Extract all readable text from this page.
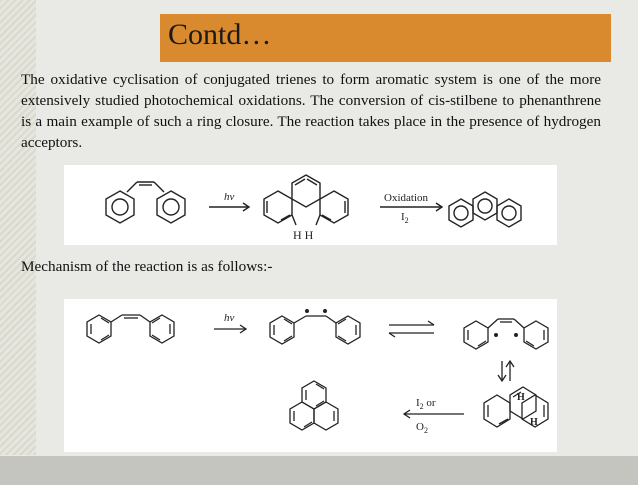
Contd…

The oxidative cyclisation of conjugated trienes to form aromatic system is one of the more extensively studied photochemical oxidations. The conversion of cis-stilbene to phenanthrene is a main example of such a ring closure. The reaction takes place in the presence of hydrogen acceptors.

hν	Oxidation
$I_2$
H H
Mechanism of the reaction is as follows:-
hν
$I_2$ or
$O_2$
H
H
